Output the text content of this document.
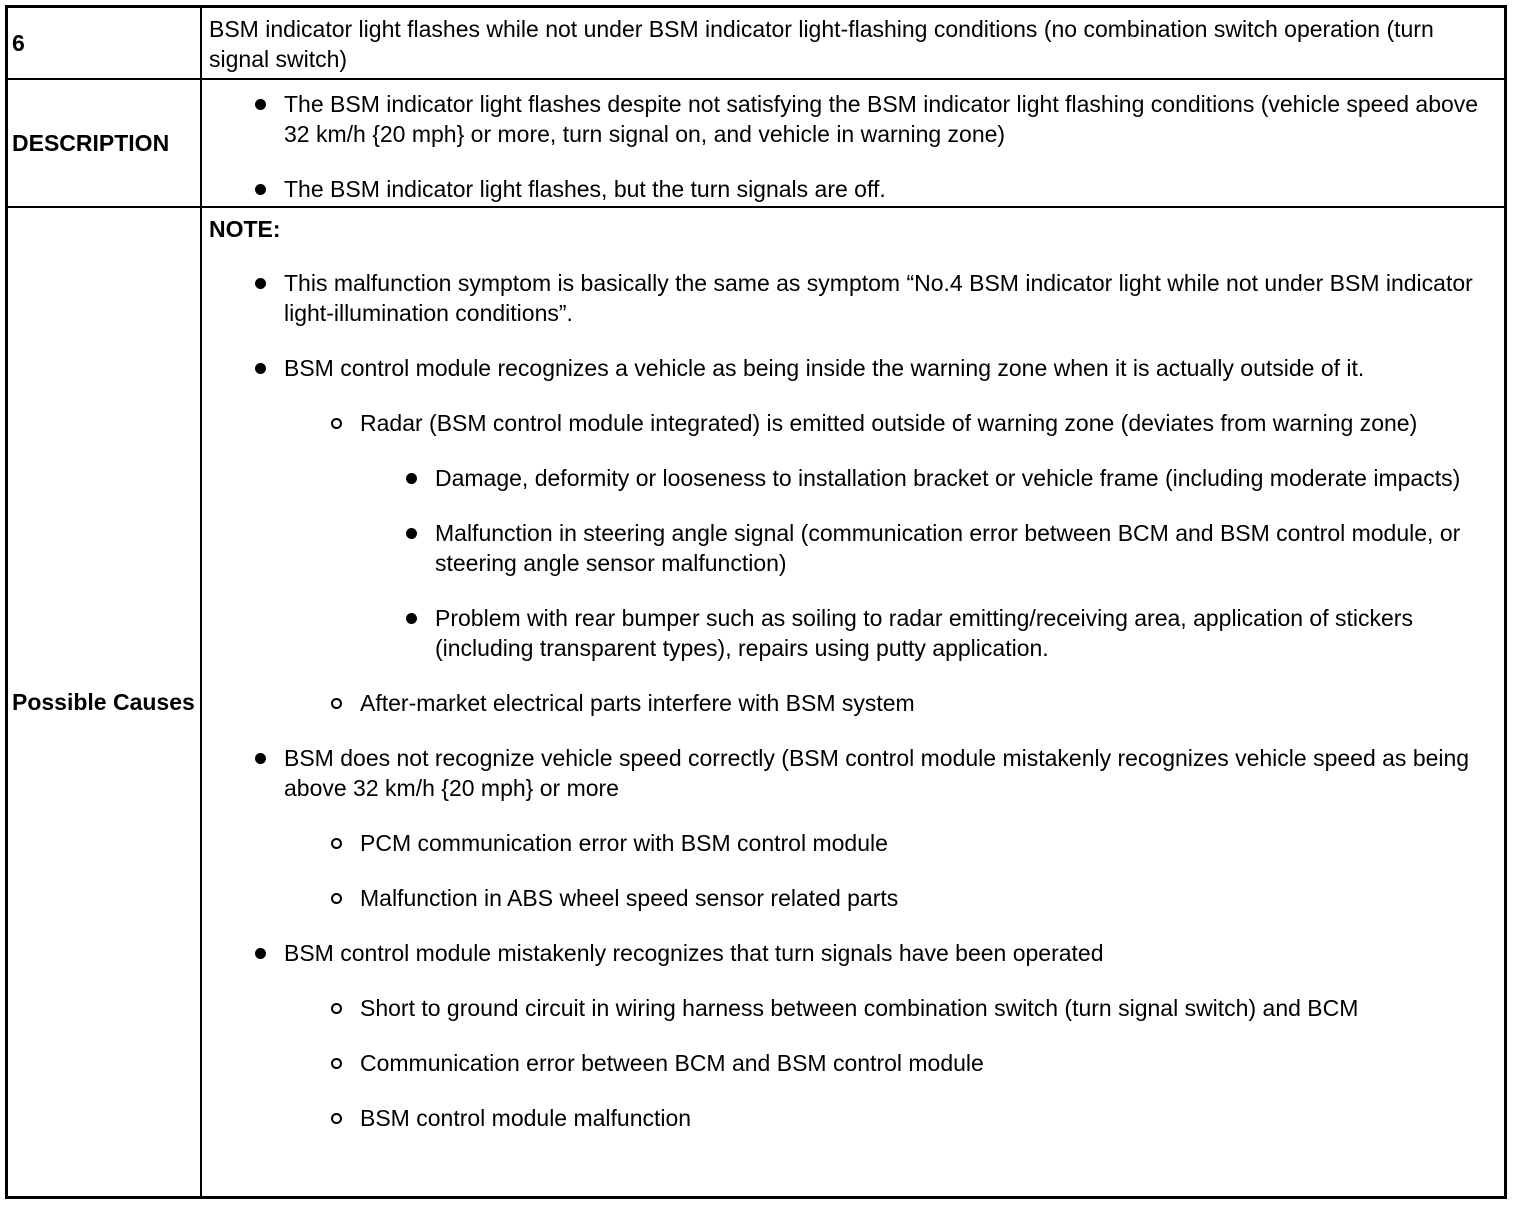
6
BSM indicator light flashes while not under BSM indicator light-flashing conditions (no combination switch operation (turn signal switch)
DESCRIPTION
The BSM indicator light flashes despite not satisfying the BSM indicator light flashing conditions (vehicle speed above 32 km/h {20 mph} or more, turn signal on, and vehicle in warning zone)
The BSM indicator light flashes, but the turn signals are off.
Possible Causes
NOTE:
This malfunction symptom is basically the same as symptom “No.4 BSM indicator light while not under BSM indicator light-illumination conditions”.
BSM control module recognizes a vehicle as being inside the warning zone when it is actually outside of it.
Radar (BSM control module integrated) is emitted outside of warning zone (deviates from warning zone)
Damage, deformity or looseness to installation bracket or vehicle frame (including moderate impacts)
Malfunction in steering angle signal (communication error between BCM and BSM control module, or steering angle sensor malfunction)
Problem with rear bumper such as soiling to radar emitting/receiving area, application of stickers (including transparent types), repairs using putty application.
After-market electrical parts interfere with BSM system
BSM does not recognize vehicle speed correctly (BSM control module mistakenly recognizes vehicle speed as being above 32 km/h {20 mph} or more
PCM communication error with BSM control module
Malfunction in ABS wheel speed sensor related parts
BSM control module mistakenly recognizes that turn signals have been operated
Short to ground circuit in wiring harness between combination switch (turn signal switch) and BCM
Communication error between BCM and BSM control module
BSM control module malfunction
